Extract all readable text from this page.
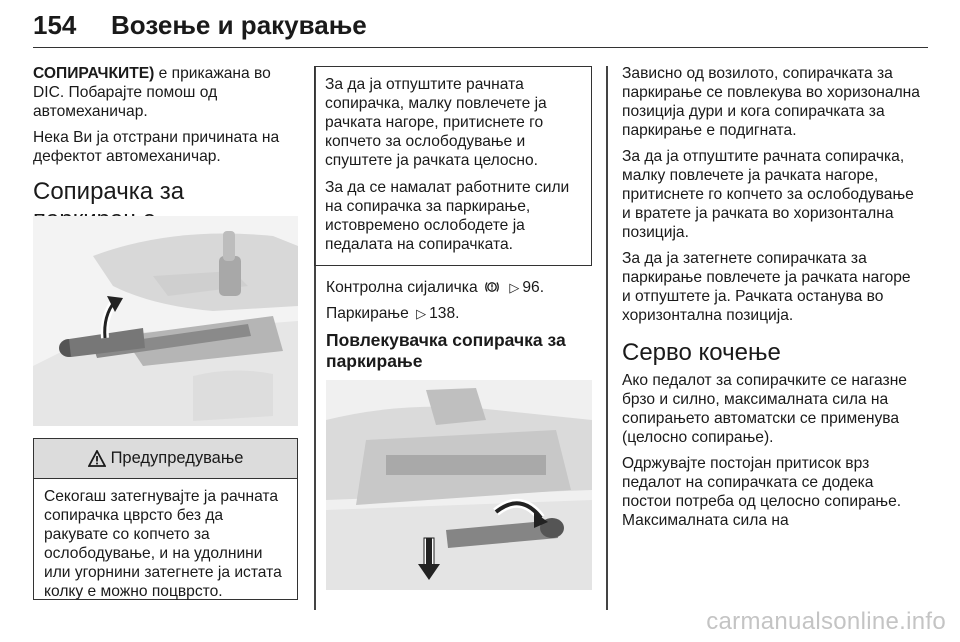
154 Возење и ракување

СОПИРАЧКИТЕ) е прикажана во DIC. Побарајте помош од автомеханичар.

Нека Ви ја отстрани причината на дефектот автомеханичар.

Сопирачка за
Предупредување
Секогаш затегнувајте ја рачната сопирачка цврсто без да ракувате со копчето за ослободување, и на удолнини или угорнини затегнете ја истата колку е можно поцврсто.

За да ја отпуштите рачната сопирачка, малку повлечете ја рачката нагоре, притиснете го копчето за ослободување и спуштете ја рачката целосно.

За да се намалат работните сили на сопирачка за паркирање, истовремено ослободете ја педалата на сопирачката.

Контролна сијаличка ▷ 96.

Паркирање ▷ 138.

Повлекувачка сопирачка за паркирање

Зависно од возилото, сопирачката за паркирање се повлекува во хоризонална позиција дури и кога сопирачката за паркирање е подигната.

За да ја отпуштите рачната сопирачка, малку повлечете ја рачката нагоре, притиснете го копчето за ослободување и вратете ја рачката во хоризонтална позиција.

За да ја затегнете сопирачката за паркирање повлечете ја рачката нагоре и отпуштете ја. Рачката останува во хоризонтална позиција.

Серво кочење

Ако педалот за сопирачките се нагазне брзо и силно, максималната сила на сопирањето автоматски се применува (целосно сопирање).

Одржувајте постојан притисок врз педалот на сопирачката се додека постои потреба од целосно сопирање. Максималната сила на

carmanualsonline.info
